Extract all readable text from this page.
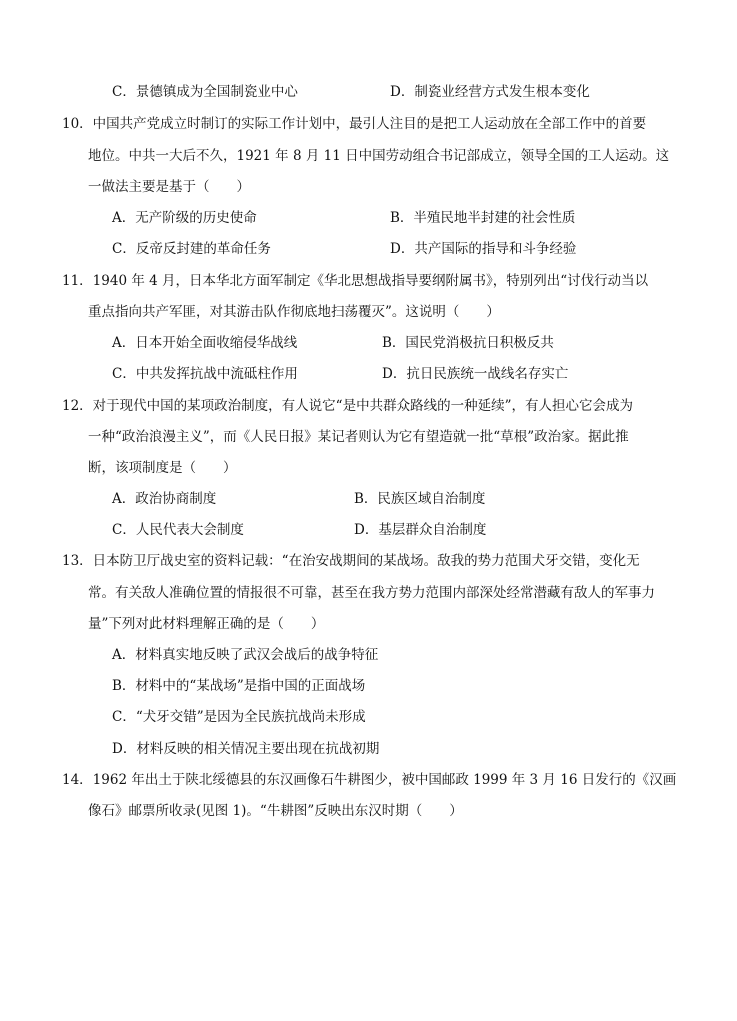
C．景德镇成为全国制瓷业中心	D．制瓷业经营方式发生根本变化
10．中国共产党成立时制订的实际工作计划中，最引人注目的是把工人运动放在全部工作中的首要
地位。中共一大后不久，1921 年 8 月 11 日中国劳动组合书记部成立，领导全国的工人运动。这
一做法主要是基于（　　）
A．无产阶级的历史使命	B．半殖民地半封建的社会性质
C．反帝反封建的革命任务	D．共产国际的指导和斗争经验
11．1940 年 4 月，日本华北方面军制定《华北思想战指导要纲附属书》，特别列出“讨伐行动当以
重点指向共产军匪，对其游击队作彻底地扫荡覆灭”。这说明（　　）
A．日本开始全面收缩侵华战线	B．国民党消极抗日积极反共
C．中共发挥抗战中流砥柱作用	D．抗日民族统一战线名存实亡
12．对于现代中国的某项政治制度，有人说它“是中共群众路线的一种延续”，有人担心它会成为
一种“政治浪漫主义”，而《人民日报》某记者则认为它有望造就一批“草根”政治家。据此推
断，该项制度是（　　）
A．政治协商制度	B．民族区域自治制度
C．人民代表大会制度	D．基层群众自治制度
13．日本防卫厅战史室的资料记载：“在治安战期间的某战场。敌我的势力范围犬牙交错，变化无
常。有关敌人准确位置的情报很不可靠，甚至在我方势力范围内部深处经常潜藏有敌人的军事力
量”下列对此材料理解正确的是（　　）
A．材料真实地反映了武汉会战后的战争特征
B．材料中的“某战场”是指中国的正面战场
C．“犬牙交错”是因为全民族抗战尚未形成
D．材料反映的相关情况主要出现在抗战初期
14．1962 年出土于陕北绥德县的东汉画像石牛耕图少，被中国邮政 1999 年 3 月 16 日发行的《汉画
像石》邮票所收录(见图 1)。“牛耕图”反映出东汉时期（　　）
